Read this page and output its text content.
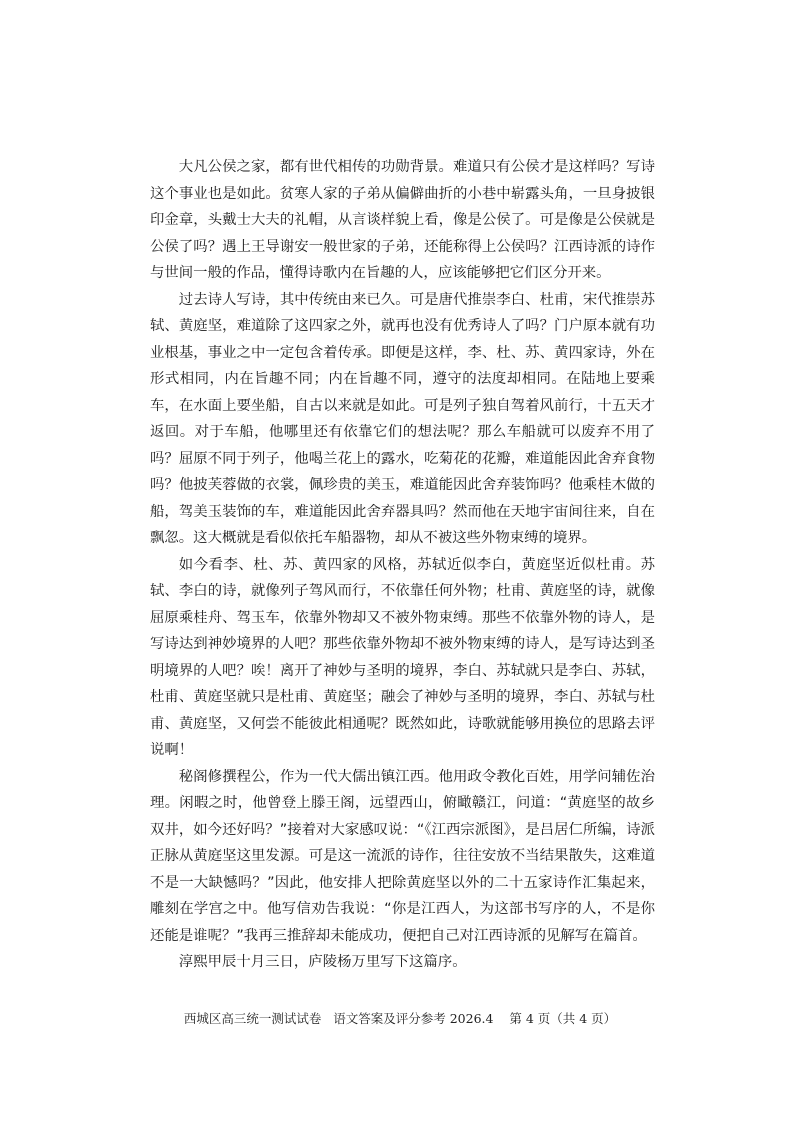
大凡公侯之家，都有世代相传的功勋背景。难道只有公侯才是这样吗？写诗这个事业也是如此。贫寒人家的子弟从偏僻曲折的小巷中崭露头角，一旦身披银印金章，头戴士大夫的礼帽，从言谈样貌上看，像是公侯了。可是像是公侯就是公侯了吗？遇上王导谢安一般世家的子弟，还能称得上公侯吗？江西诗派的诗作与世间一般的作品，懂得诗歌内在旨趣的人，应该能够把它们区分开来。

过去诗人写诗，其中传统由来已久。可是唐代推崇李白、杜甫，宋代推崇苏轼、黄庭坚，难道除了这四家之外，就再也没有优秀诗人了吗？门户原本就有功业根基，事业之中一定包含着传承。即便是这样，李、杜、苏、黄四家诗，外在形式相同，内在旨趣不同；内在旨趣不同，遵守的法度却相同。在陆地上要乘车，在水面上要坐船，自古以来就是如此。可是列子独自驾着风前行，十五天才返回。对于车船，他哪里还有依靠它们的想法呢？那么车船就可以废弃不用了吗？屈原不同于列子，他喝兰花上的露水，吃菊花的花瓣，难道能因此舍弃食物吗？他披芙蓉做的衣裳，佩珍贵的美玉，难道能因此舍弃装饰吗？他乘桂木做的船，驾美玉装饰的车，难道能因此舍弃器具吗？然而他在天地宇宙间往来，自在飘忽。这大概就是看似依托车船器物，却从不被这些外物束缚的境界。

如今看李、杜、苏、黄四家的风格，苏轼近似李白，黄庭坚近似杜甫。苏轼、李白的诗，就像列子驾风而行，不依靠任何外物；杜甫、黄庭坚的诗，就像屈原乘桂舟、驾玉车，依靠外物却又不被外物束缚。那些不依靠外物的诗人，是写诗达到神妙境界的人吧？那些依靠外物却不被外物束缚的诗人，是写诗达到圣明境界的人吧？唉！离开了神妙与圣明的境界，李白、苏轼就只是李白、苏轼，杜甫、黄庭坚就只是杜甫、黄庭坚；融会了神妙与圣明的境界，李白、苏轼与杜甫、黄庭坚，又何尝不能彼此相通呢？既然如此，诗歌就能够用换位的思路去评说啊！

秘阁修撰程公，作为一代大儒出镇江西。他用政令教化百姓，用学问辅佐治理。闲暇之时，他曾登上滕王阁，远望西山，俯瞰赣江，问道：“黄庭坚的故乡双井，如今还好吗？”接着对大家感叹说：“《江西宗派图》，是吕居仁所编，诗派正脉从黄庭坚这里发源。可是这一流派的诗作，往往安放不当结果散失，这难道不是一大缺憾吗？”因此，他安排人把除黄庭坚以外的二十五家诗作汇集起来，雕刻在学宫之中。他写信劝告我说：“你是江西人，为这部书写序的人，不是你还能是谁呢？”我再三推辞却未能成功，便把自己对江西诗派的见解写在篇首。

淳熙甲辰十月三日，庐陵杨万里写下这篇序。

西城区高三统一测试试卷   语文答案及评分参考 2026.4    第 4 页（共 4 页）
